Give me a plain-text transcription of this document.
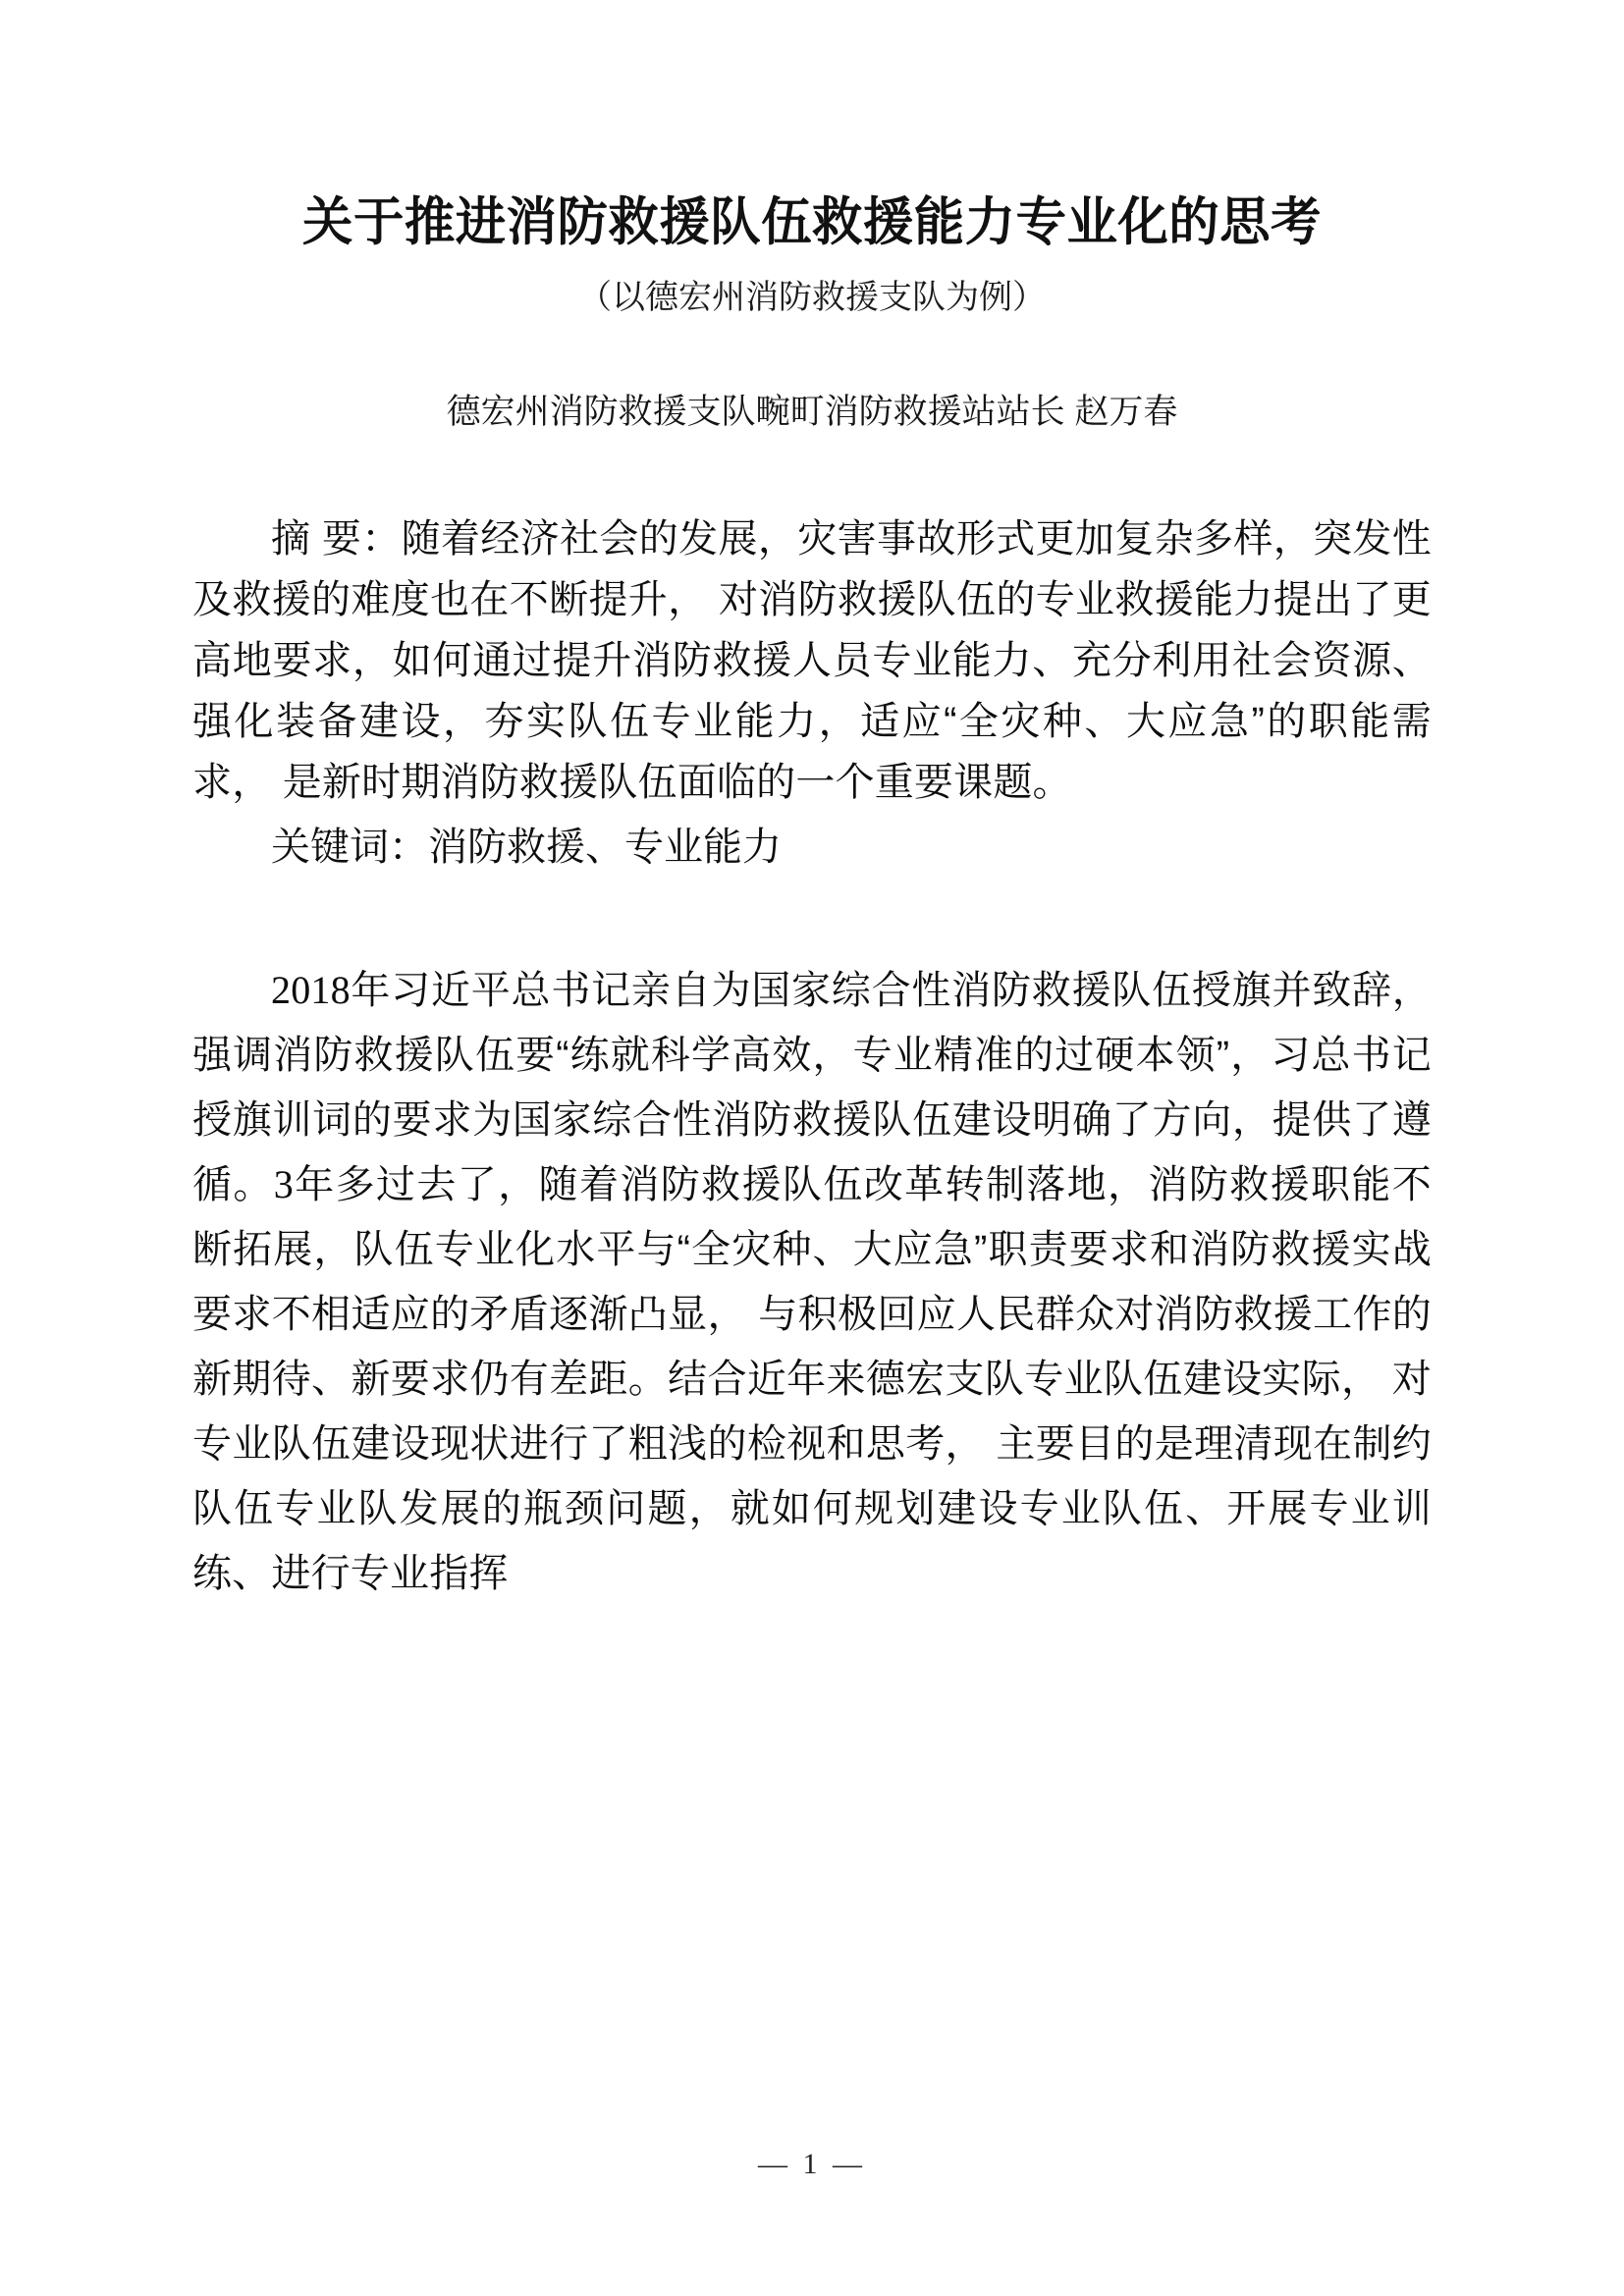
关于推进消防救援队伍救援能力专业化的思考
（以德宏州消防救援支队为例）
德宏州消防救援支队畹町消防救援站站长 赵万春

摘 要：随着经济社会的发展，灾害事故形式更加复杂多样，突发性及救援的难度也在不断提升， 对消防救援队伍的专业救援能力提出了更高地要求，如何通过提升消防救援人员专业能力、充分利用社会资源、强化装备建设，夯实队伍专业能力，适应“全灾种、大应急”的职能需求， 是新时期消防救援队伍面临的一个重要课题。

关键词：消防救援、专业能力

2018年习近平总书记亲自为国家综合性消防救援队伍授旗并致辞，强调消防救援队伍要“练就科学高效，专业精准的过硬本领”，习总书记授旗训词的要求为国家综合性消防救援队伍建设明确了方向，提供了遵循。3年多过去了，随着消防救援队伍改革转制落地，消防救援职能不断拓展，队伍专业化水平与“全灾种、大应急”职责要求和消防救援实战要求不相适应的矛盾逐渐凸显， 与积极回应人民群众对消防救援工作的新期待、新要求仍有差距。结合近年来德宏支队专业队伍建设实际， 对专业队伍建设现状进行了粗浅的检视和思考， 主要目的是理清现在制约队伍专业队发展的瓶颈问题，就如何规划建设专业队伍、开展专业训练、进行专业指挥

— 1 —
